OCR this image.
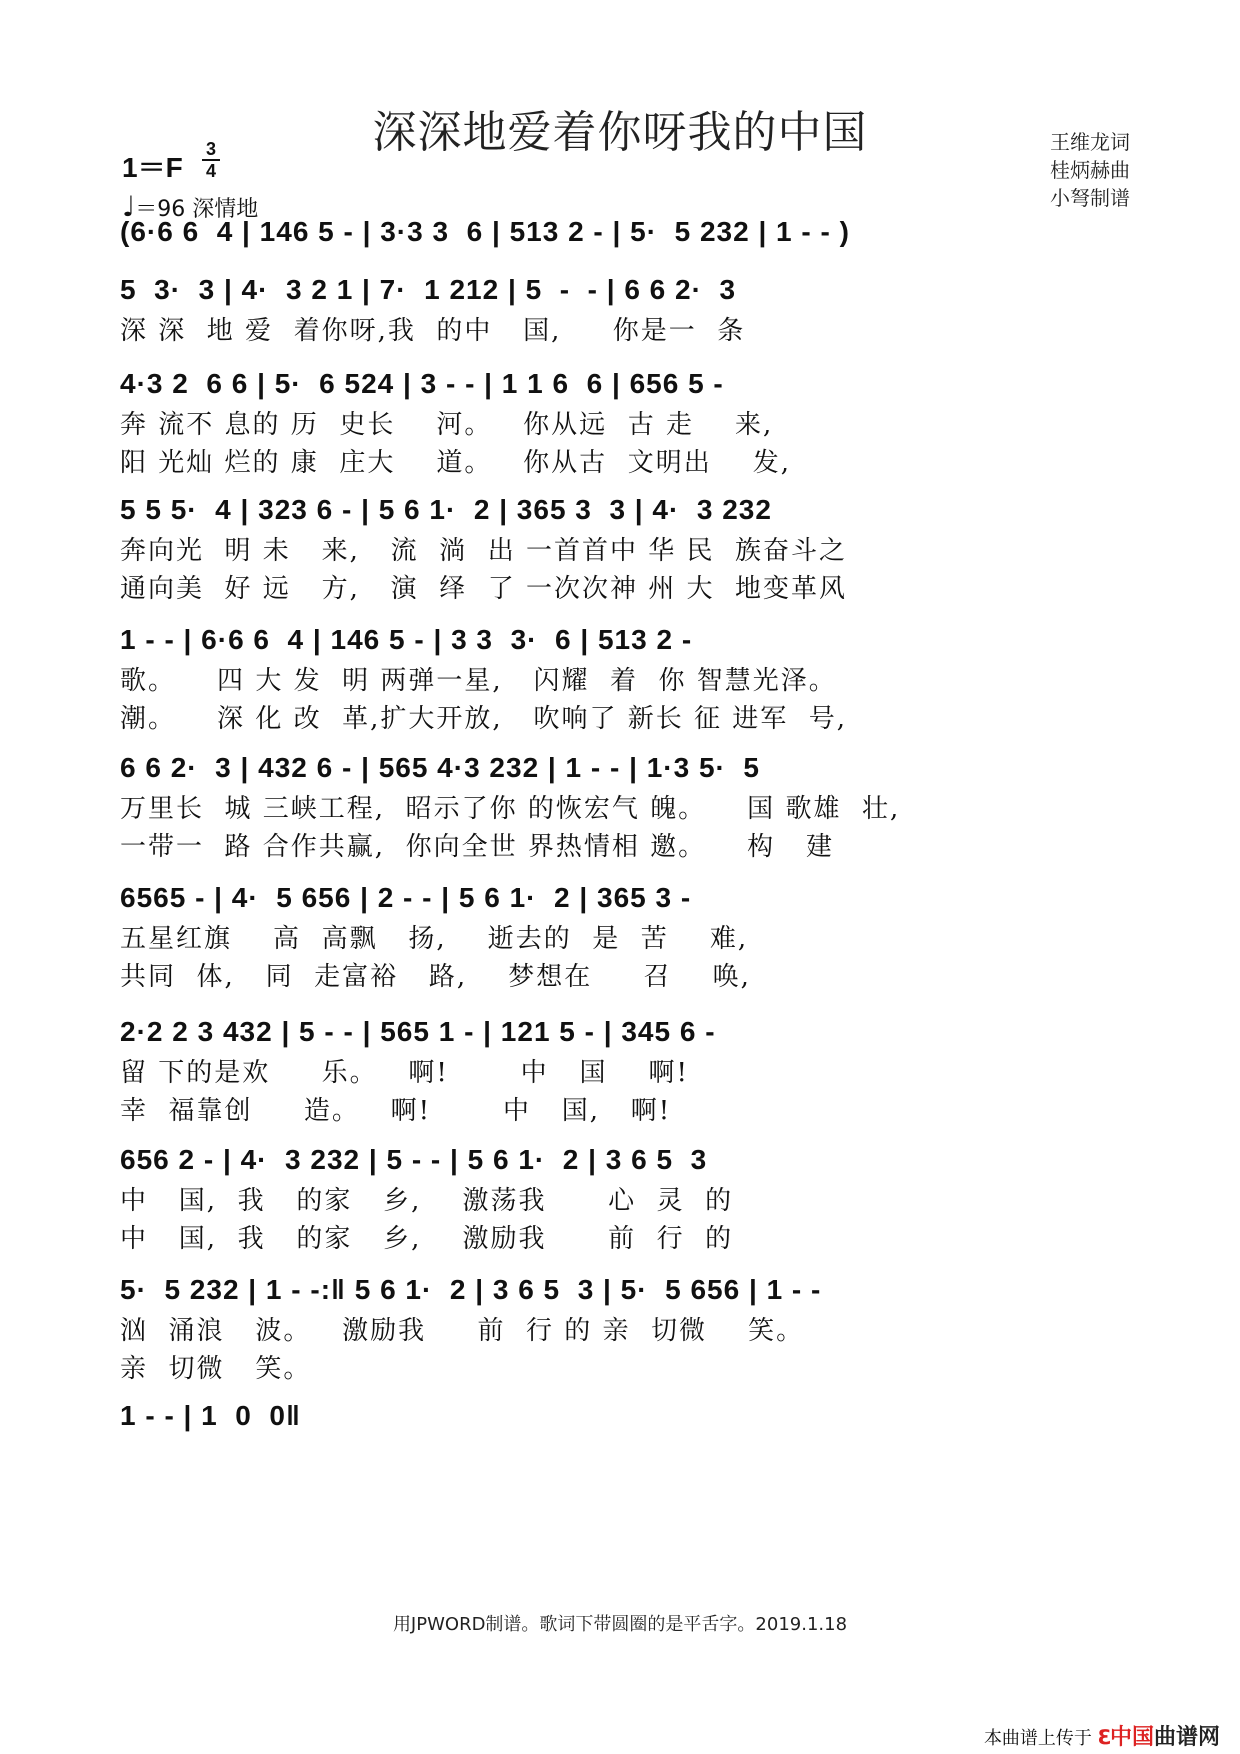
深深地爱着你呀我的中国	王维龙词
桂炳赫曲
小弩制谱
1＝F
3
4
♩＝96 深情地
(6·6 6  4 | 146 5 - | 3·3 3  6 | 513 2 - | 5·  5 232 | 1 - - )
5  3·  3 | 4·  3 2 1 | 7·  1 212 | 5  -  - | 6 6 2·  3
深 深  地 爱  着你呀,我  的中   国,     你是一  条
4·3 2  6 6 | 5·  6 524 | 3 - - | 1 1 6  6 | 656 5 -
奔 流不 息的 历  史长    河。   你从远  古 走    来,
阳 光灿 烂的 康  庄大    道。   你从古  文明出    发,
5 5 5·  4 | 323 6 - | 5 6 1·  2 | 365 3  3 | 4·  3 232
奔向光  明 未   来,   流  淌  出 一首首中 华 民  族奋斗之
通向美  好 远   方,   演  绎  了 一次次神 州 大  地变革风
1 - - | 6·6 6  4 | 146 5 - | 3 3  3·  6 | 513 2 -
歌。    四 大 发  明 两弹一星,   闪耀  着  你 智慧光泽。
潮。    深 化 改  革,扩大开放,   吹响了 新长 征 进军  号,
6 6 2·  3 | 432 6 - | 565 4·3 232 | 1 - - | 1·3 5·  5
万里长  城 三峡工程,  昭示了你 的恢宏气 魄。    国 歌雄  壮,
一带一  路 合作共赢,  你向全世 界热情相 邀。    构   建
6565 - | 4·  5 656 | 2 - - | 5 6 1·  2 | 365 3 -
五星红旗    高  高飘   扬,    逝去的  是  苦    难,
共同  体,   同  走富裕   路,    梦想在     召    唤,
2·2 2 3 432 | 5 - - | 565 1 - | 121 5 - | 345 6 -
留 下的是欢     乐。   啊!       中   国    啊!
幸  福靠创     造。   啊!       中   国,   啊!
656 2 - | 4·  3 232 | 5 - - | 5 6 1·  2 | 3 6 5  3
中   国,  我   的家   乡,    激荡我      心  灵  的
中   国,  我   的家   乡,    激励我      前  行  的
5·  5 232 | 1 - -:‖ 5 6 1·  2 | 3 6 5  3 | 5·  5 656 | 1 - -
汹  涌浪   波。   激励我     前  行 的 亲  切微    笑。
亲  切微   笑。
1 - - | 1  0  0‖
用JPWORD制谱。歌词下带圆圈的是平舌字。2019.1.18
本曲谱上传于 ℇ中国曲谱网
